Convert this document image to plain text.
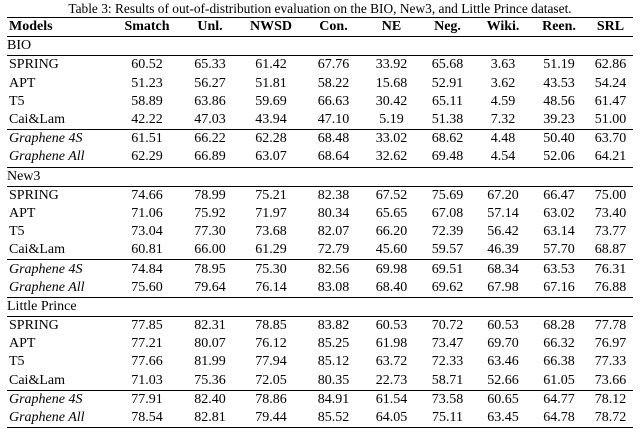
Table 3: Results of out-of-distribution evaluation on the BIO, New3, and Little Prince dataset.
Models	Smatch	Unl.	NWSD	Con.	NE	Neg.	Wiki.	Reen.	SRL
BIO									
SPRING	60.52	65.33	61.42	67.76	33.92	65.68	3.63	51.19	62.86
APT	51.23	56.27	51.81	58.22	15.68	52.91	3.62	43.53	54.24
T5	58.89	63.86	59.69	66.63	30.42	65.11	4.59	48.56	61.47
Cai&Lam	42.22	47.03	43.94	47.10	5.19	51.38	7.32	39.23	51.00
Graphene 4S	61.51	66.22	62.28	68.48	33.02	68.62	4.48	50.40	63.70
Graphene All	62.29	66.89	63.07	68.64	32.62	69.48	4.54	52.06	64.21
New3									
SPRING	74.66	78.99	75.21	82.38	67.52	75.69	67.20	66.47	75.00
APT	71.06	75.92	71.97	80.34	65.65	67.08	57.14	63.02	73.40
T5	73.04	77.30	73.68	82.07	66.20	72.39	56.42	63.14	73.77
Cai&Lam	60.81	66.00	61.29	72.79	45.60	59.57	46.39	57.70	68.87
Graphene 4S	74.84	78.95	75.30	82.56	69.98	69.51	68.34	63.53	76.31
Graphene All	75.60	79.64	76.14	83.08	68.40	69.62	67.98	67.16	76.88
Little Prince									
SPRING	77.85	82.31	78.85	83.82	60.53	70.72	60.53	68.28	77.78
APT	77.21	80.07	76.12	85.25	61.98	73.47	69.70	66.32	76.97
T5	77.66	81.99	77.94	85.12	63.72	72.33	63.46	66.38	77.33
Cai&Lam	71.03	75.36	72.05	80.35	22.73	58.71	52.66	61.05	73.66
Graphene 4S	77.91	82.40	78.86	84.91	61.54	73.58	60.65	64.77	78.12
Graphene All	78.54	82.81	79.44	85.52	64.05	75.11	63.45	64.78	78.72
